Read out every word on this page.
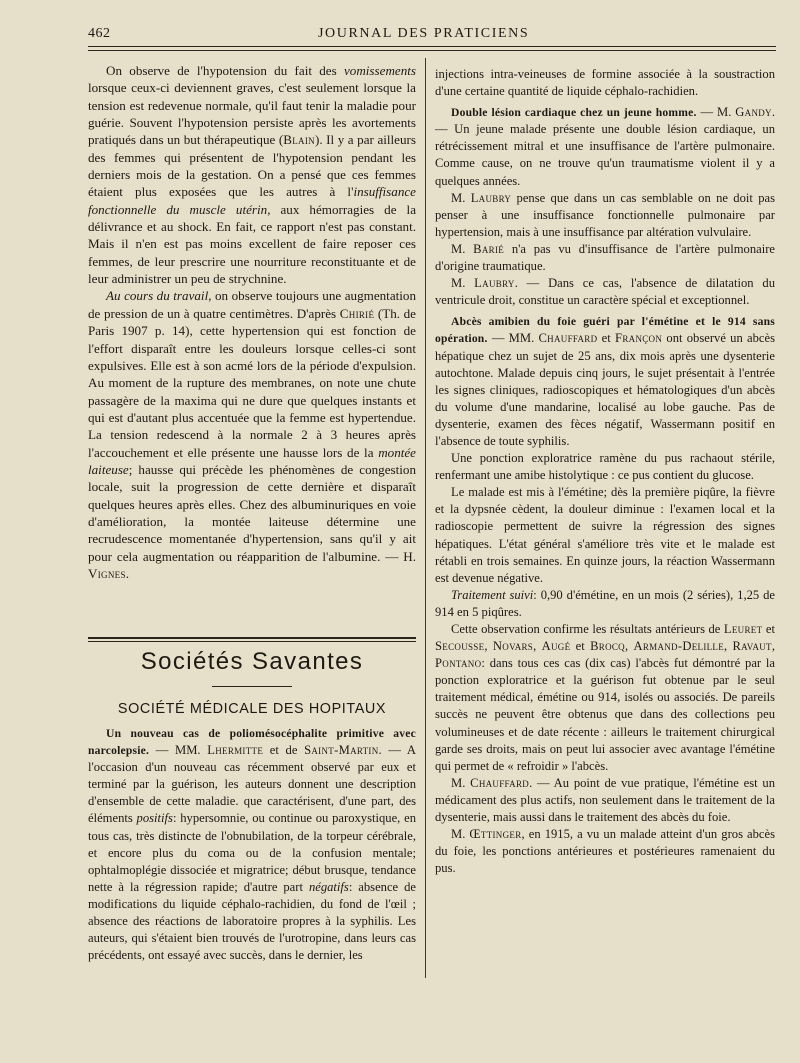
462	JOURNAL DES PRATICIENS

On observe de l'hypotension du fait des vomissements lorsque ceux-ci deviennent graves, c'est seulement lorsque la tension est redevenue normale, qu'il faut tenir la maladie pour guérie. Souvent l'hypotension persiste après les avortements pratiqués dans un but thérapeutique (Blain). Il y a par ailleurs des femmes qui présentent de l'hypotension pendant les derniers mois de la gestation. On a pensé que ces femmes étaient plus exposées que les autres à l'insuffisance fonctionnelle du muscle utérin, aux hémorragies de la délivrance et au shock. En fait, ce rapport n'est pas constant. Mais il n'en est pas moins excellent de faire reposer ces femmes, de leur prescrire une nourriture reconstituante et de leur administrer un peu de strychnine.

Au cours du travail, on observe toujours une augmentation de pression de un à quatre centimètres. D'après Chirié (Th. de Paris 1907 p. 14), cette hypertension qui est fonction de l'effort disparaît entre les douleurs lorsque celles-ci sont expulsives. Elle est à son acmé lors de la période d'expulsion. Au moment de la rupture des membranes, on note une chute passagère de la maxima qui ne dure que quelques instants et qui est d'autant plus accentuée que la femme est hypertendue. La tension redescend à la normale 2 à 3 heures après l'accouchement et elle présente une hausse lors de la montée laiteuse; hausse qui précède les phénomènes de congestion locale, suit la progression de cette dernière et disparaît quelques heures après elles. Chez des albuminuriques en voie d'amélioration, la montée laiteuse détermine une recrudescence momentanée d'hypertension, sans qu'il y ait pour cela augmentation ou réapparition de l'albumine. — H. Vignes.

Sociétés Savantes
SOCIÉTÉ MÉDICALE DES HOPITAUX

Un nouveau cas de poliomésocéphalite primitive avec narcolepsie. — MM. Lhermitte et de Saint-Martin. — A l'occasion d'un nouveau cas récemment observé par eux et terminé par la guérison, les auteurs donnent une description d'ensemble de cette maladie. que caractérisent, d'une part, des éléments positifs: hypersomnie, ou continue ou paroxystique, en tous cas, très distincte de l'obnubilation, de la torpeur cérébrale, et encore plus du coma ou de la confusion mentale; ophtalmoplégie dissociée et migratrice; début brusque, tendance nette à la régression rapide; d'autre part négatifs: absence de modifications du liquide céphalo-rachidien, du fond de l'œil ; absence des réactions de laboratoire propres à la syphilis. Les auteurs, qui s'étaient bien trouvés de l'urotropine, dans leurs cas précédents, ont essayé avec succès, dans le dernier, les

injections intra-veineuses de formine associée à la soustraction d'une certaine quantité de liquide céphalo-rachidien.

Double lésion cardiaque chez un jeune homme. — M. Gandy. — Un jeune malade présente une double lésion cardiaque, un rétrécissement mitral et une insuffisance de l'artère pulmonaire. Comme cause, on ne trouve qu'un traumatisme violent il y a quelques années.

M. Laubry pense que dans un cas semblable on ne doit pas penser à une insuffisance fonctionnelle pulmonaire par hypertension, mais à une insuffisance par altération vulvulaire.

M. Barié n'a pas vu d'insuffisance de l'artère pulmonaire d'origine traumatique.

M. Laubry. — Dans ce cas, l'absence de dilatation du ventricule droit, constitue un caractère spécial et exceptionnel.

Abcès amibien du foie guéri par l'émétine et le 914 sans opération. — MM. Chauffard et Françon ont observé un abcès hépatique chez un sujet de 25 ans, dix mois après une dysenterie autochtone. Malade depuis cinq jours, le sujet présentait à l'entrée les signes cliniques, radioscopiques et hématologiques d'un abcès du volume d'une mandarine, localisé au lobe gauche. Pas de dysenterie, examen des fèces négatif, Wassermann positif en l'absence de toute syphilis.

Une ponction exploratrice ramène du pus rachaout stérile, renfermant une amibe histolytique : ce pus contient du glucose.

Le malade est mis à l'émétine; dès la première piqûre, la fièvre et la dypsnée cèdent, la douleur diminue : l'examen local et la radioscopie permettent de suivre la régression des signes hépatiques. L'état général s'améliore très vite et le malade est rétabli en trois semaines. En quinze jours, la réaction Wassermann est devenue négative.

Traitement suivi: 0,90 d'émétine, en un mois (2 séries), 1,25 de 914 en 5 piqûres.

Cette observation confirme les résultats antérieurs de Leuret et Secousse, Novars, Augé et Brocq, Armand-Delille, Ravaut, Pontano: dans tous ces cas (dix cas) l'abcès fut démontré par la ponction exploratrice et la guérison fut obtenue par le seul traitement médical, émétine ou 914, isolés ou associés. De pareils succès ne peuvent être obtenus que dans des collections peu volumineuses et de date récente : ailleurs le traitement chirurgical garde ses droits, mais on peut lui associer avec avantage l'émétine qui permet de « refroidir » l'abcès.

M. Chauffard. — Au point de vue pratique, l'émétine est un médicament des plus actifs, non seulement dans le traitement de la dysenterie, mais aussi dans le traitement des abcès du foie.

M. Œttinger, en 1915, a vu un malade atteint d'un gros abcès du foie, les ponctions antérieures et postérieures ramenaient du pus.
